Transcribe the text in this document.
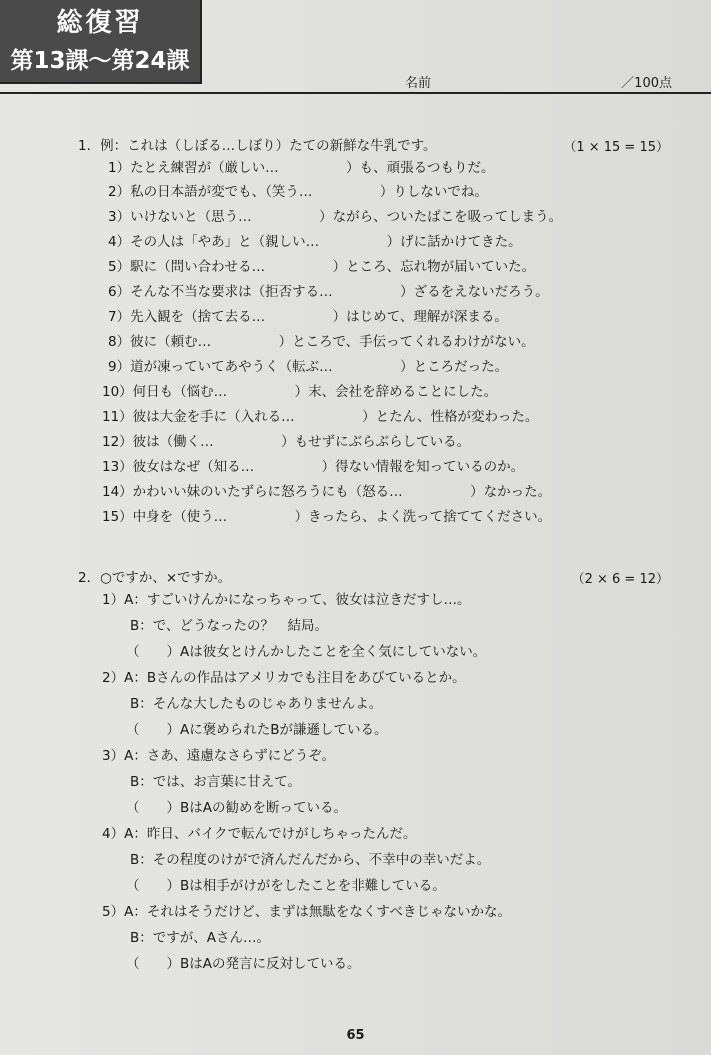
総復習
第13課〜第24課
名前	／100点
1．例：これは（しぼる…しぼり）たての新鮮な牛乳です。	（1 × 15 = 15）
1）たとえ練習が（厳しい…　　　　　）も、頑張るつもりだ。
2）私の日本語が変でも、（笑う…　　　　　）りしないでね。
3）いけないと（思う…　　　　　）ながら、ついたばこを吸ってしまう。
4）その人は「やあ」と（親しい…　　　　　）げに話かけてきた。
5）駅に（問い合わせる…　　　　　）ところ、忘れ物が届いていた。
6）そんな不当な要求は（拒否する…　　　　　）ざるをえないだろう。
7）先入観を（捨て去る…　　　　　）はじめて、理解が深まる。
8）彼に（頼む…　　　　　）ところで、手伝ってくれるわけがない。
9）道が凍っていてあやうく（転ぶ…　　　　　）ところだった。
10）何日も（悩む…　　　　　）末、会社を辞めることにした。
11）彼は大金を手に（入れる…　　　　　）とたん、性格が変わった。
12）彼は（働く…　　　　　）もせずにぶらぶらしている。
13）彼女はなぜ（知る…　　　　　）得ない情報を知っているのか。
14）かわいい妹のいたずらに怒ろうにも（怒る…　　　　　）なかった。
15）中身を（使う…　　　　　）きったら、よく洗って捨ててください。
2．○ですか、×ですか。	（2 × 6 = 12）
1）A：すごいけんかになっちゃって、彼女は泣きだすし…。
B：で、どうなったの？　結局。
（　　）Aは彼女とけんかしたことを全く気にしていない。
2）A：Bさんの作品はアメリカでも注目をあびているとか。
B：そんな大したものじゃありませんよ。
（　　）Aに褒められたBが謙遜している。
3）A：さあ、遠慮なさらずにどうぞ。
B：では、お言葉に甘えて。
（　　）BはAの勧めを断っている。
4）A：昨日、バイクで転んでけがしちゃったんだ。
B：その程度のけがで済んだんだから、不幸中の幸いだよ。
（　　）Bは相手がけがをしたことを非難している。
5）A：それはそうだけど、まずは無駄をなくすべきじゃないかな。
B：ですが、Aさん…。
（　　）BはAの発言に反対している。
65
